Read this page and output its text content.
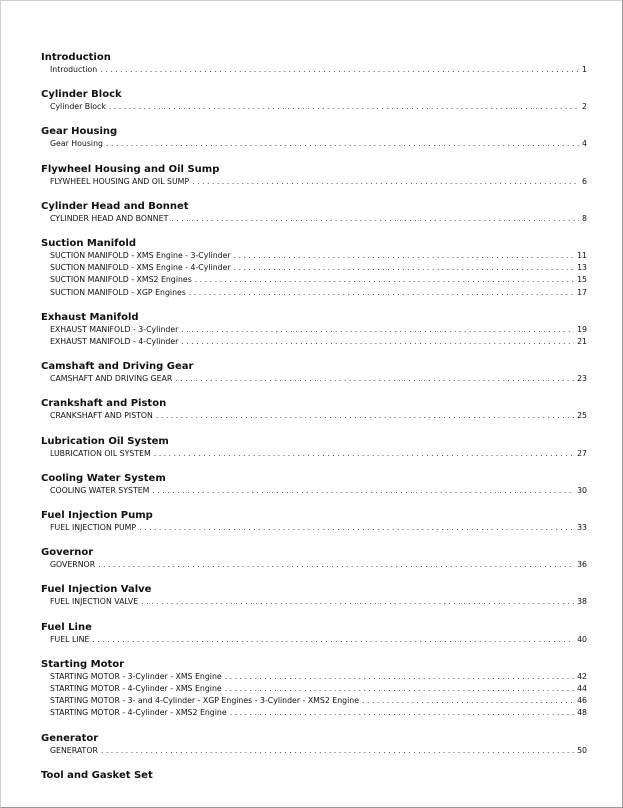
Introduction
Introduction . . .	1
Cylinder Block
Cylinder Block . . .	2
Gear Housing
Gear Housing . . .	4
Flywheel Housing and Oil Sump
FLYWHEEL HOUSING AND OIL SUMP . . .	6
Cylinder Head and Bonnet
CYLINDER HEAD AND BONNET . . .	8
Suction Manifold
SUCTION MANIFOLD - XMS Engine - 3-Cylinder . . .	11
SUCTION MANIFOLD - XMS Engine - 4-Cylinder . . .	13
SUCTION MANIFOLD - XMS2 Engines . . .	15
SUCTION MANIFOLD - XGP Engines . . .	17
Exhaust Manifold
EXHAUST MANIFOLD - 3-Cylinder . . .	19
EXHAUST MANIFOLD - 4-Cylinder . . .	21
Camshaft and Driving Gear
CAMSHAFT AND DRIVING GEAR . . .	23
Crankshaft and Piston
CRANKSHAFT AND PISTON . . .	25
Lubrication Oil System
LUBRICATION OIL SYSTEM . . .	27
Cooling Water System
COOLING WATER SYSTEM . . .	30
Fuel Injection Pump
FUEL INJECTION PUMP . . .	33
Governor
GOVERNOR . . .	36
Fuel Injection Valve
FUEL INJECTION VALVE . . .	38
Fuel Line
FUEL LINE . . .	40
Starting Motor
STARTING MOTOR - 3-Cylinder - XMS Engine . . .	42
STARTING MOTOR - 4-Cylinder - XMS Engine . . .	44
STARTING MOTOR - 3- and 4-Cylinder - XGP Engines - 3-Cylinder - XMS2 Engine . . .	46
STARTING MOTOR - 4-Cylinder - XMS2 Engine . . .	48
Generator
GENERATOR . . .	50
Tool and Gasket Set
